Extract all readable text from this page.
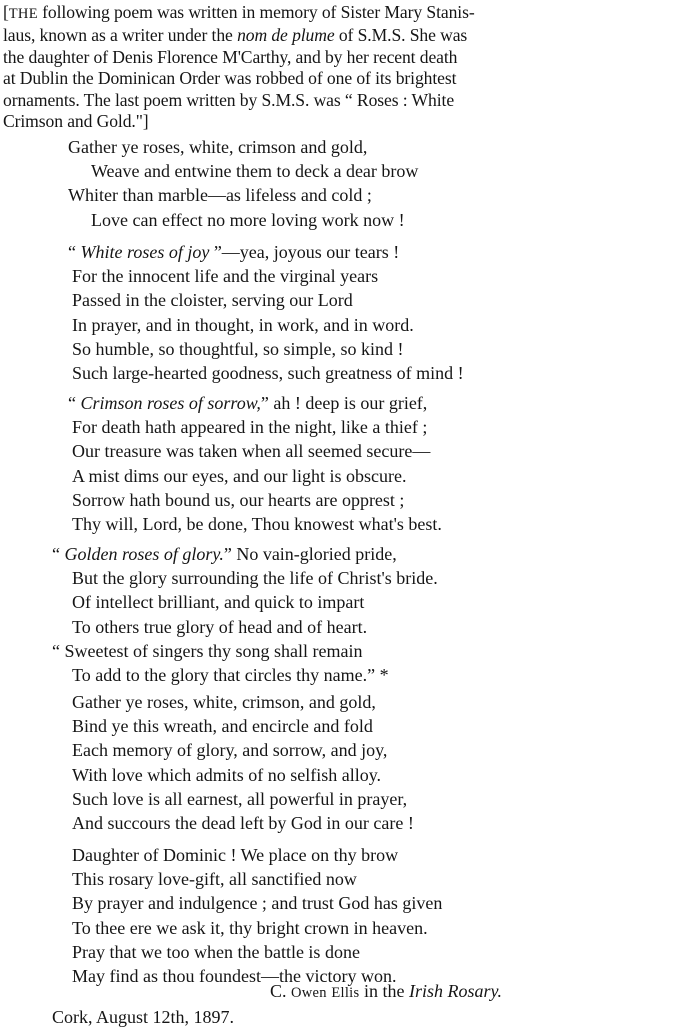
[THE following poem was written in memory of Sister Mary Stanis-
laus, known as a writer under the nom de plume of S.M.S. She was
the daughter of Denis Florence M'Carthy, and by her recent death
at Dublin the Dominican Order was robbed of one of its brightest
ornaments. The last poem written by S.M.S. was “ Roses : White
Crimson and Gold."]
Gather ye roses, white, crimson and gold,
Weave and entwine them to deck a dear brow
Whiter than marble—as lifeless and cold ;
Love can effect no more loving work now !
“ White roses of joy ”—yea, joyous our tears !
For the innocent life and the virginal years
Passed in the cloister, serving our Lord
In prayer, and in thought, in work, and in word.
So humble, so thoughtful, so simple, so kind !
Such large-hearted goodness, such greatness of mind !
“ Crimson roses of sorrow,” ah ! deep is our grief,
For death hath appeared in the night, like a thief ;
Our treasure was taken when all seemed secure—
A mist dims our eyes, and our light is obscure.
Sorrow hath bound us, our hearts are opprest ;
Thy will, Lord, be done, Thou knowest what's best.
“ Golden roses of glory.” No vain-gloried pride,
But the glory surrounding the life of Christ's bride.
Of intellect brilliant, and quick to impart
To others true glory of head and of heart.
“ Sweetest of singers thy song shall remain
To add to the glory that circles thy name.” *
Gather ye roses, white, crimson, and gold,
Bind ye this wreath, and encircle and fold
Each memory of glory, and sorrow, and joy,
With love which admits of no selfish alloy.
Such love is all earnest, all powerful in prayer,
And succours the dead left by God in our care !
Daughter of Dominic ! We place on thy brow
This rosary love-gift, all sanctified now
By prayer and indulgence ; and trust God has given
To thee ere we ask it, thy bright crown in heaven.
Pray that we too when the battle is done
May find as thou foundest—the victory won.
C. Owen Ellis in the Irish Rosary.
Cork, August 12th, 1897.
